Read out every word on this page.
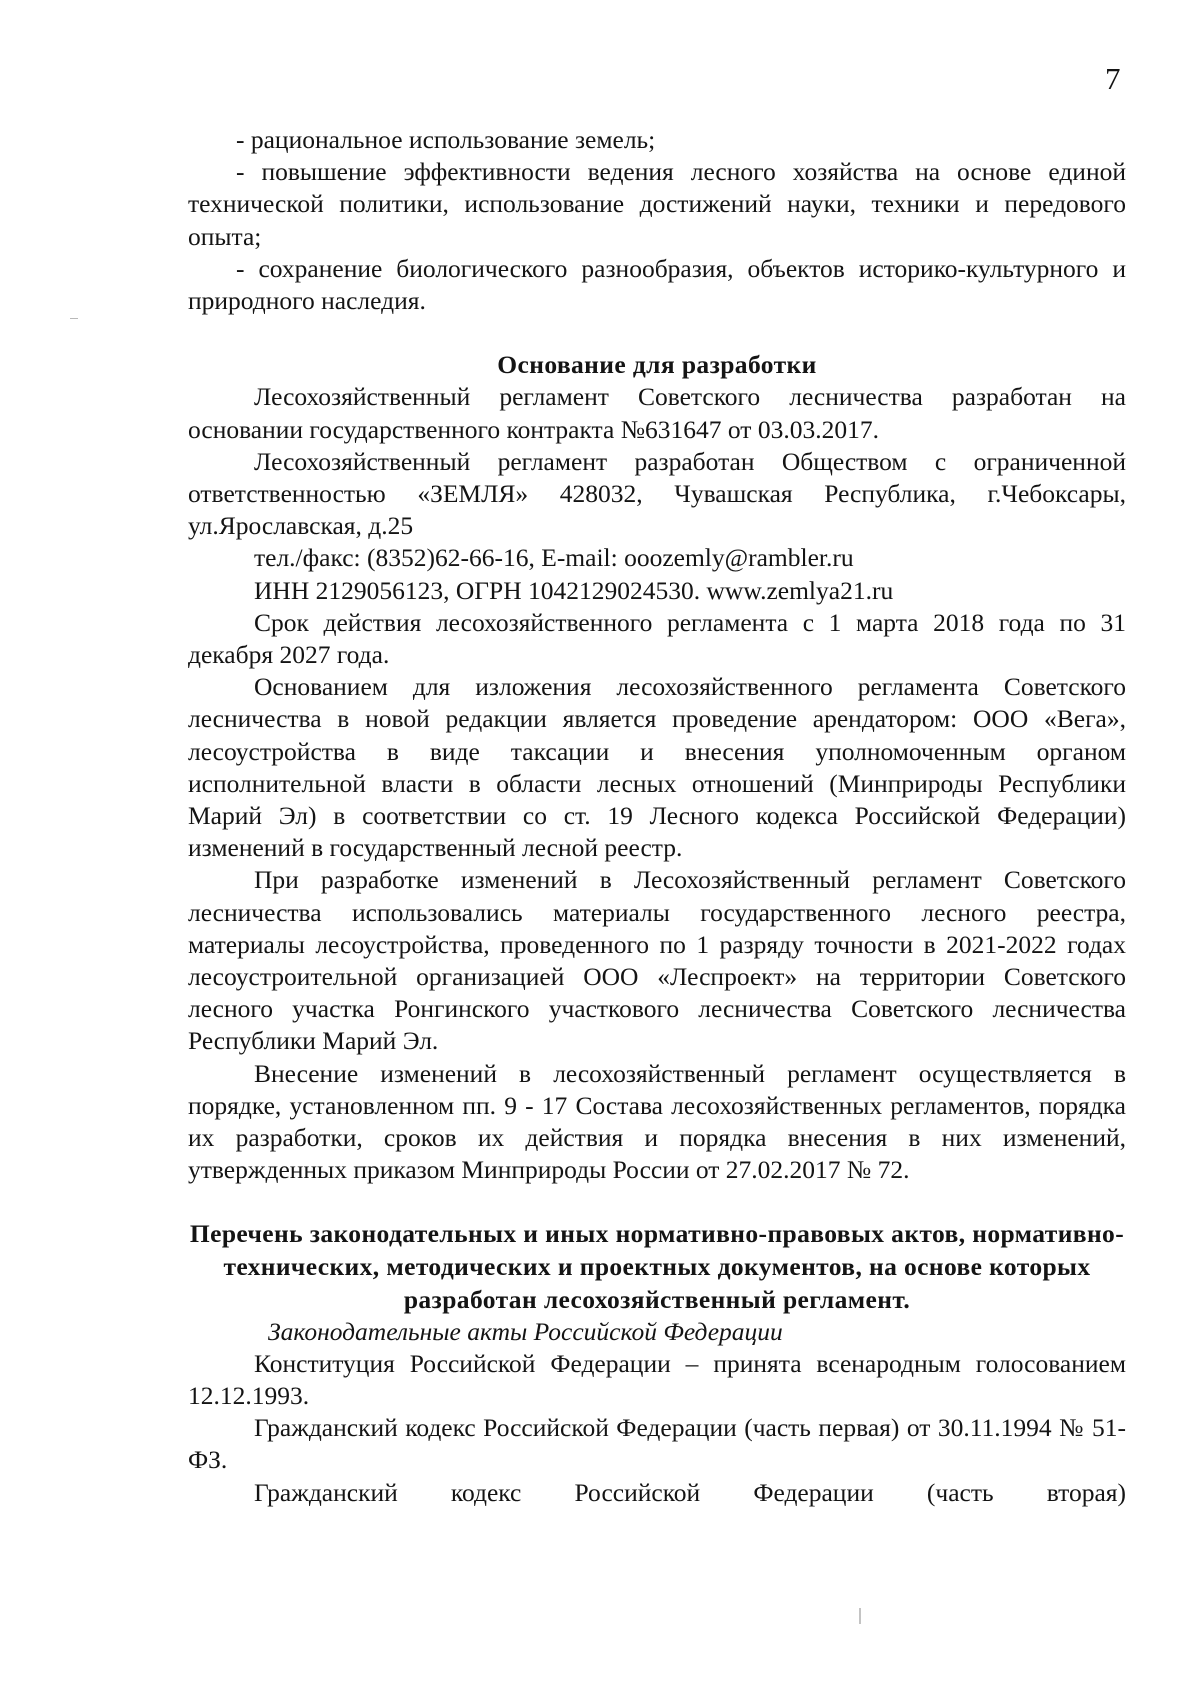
7

- рациональное использование земель;

- повышение эффективности ведения лесного хозяйства на основе единой технической политики, использование достижений науки, техники и передового опыта;

- сохранение биологического разнообразия, объектов историко-культурного и природного наследия.

Основание для разработки

Лесохозяйственный регламент Советского лесничества разработан на основании государственного контракта №631647 от 03.03.2017.

Лесохозяйственный регламент разработан Обществом с ограниченной ответственностью «ЗЕМЛЯ» 428032, Чувашская Республика, г.Чебоксары, ул.Ярославская, д.25

тел./факс: (8352)62-66-16, E-mail: ooozemly@rambler.ru

ИНН 2129056123, ОГРН 1042129024530. www.zemlya21.ru

Срок действия лесохозяйственного регламента с 1 марта 2018 года по 31 декабря 2027 года.

Основанием для изложения лесохозяйственного регламента Советского лесничества в новой редакции является проведение арендатором: ООО «Вега», лесоустройства в виде таксации и внесения уполномоченным органом исполнительной власти в области лесных отношений (Минприроды Республики Марий Эл) в соответствии со ст. 19 Лесного кодекса Российской Федерации) изменений в государственный лесной реестр.

При разработке изменений в Лесохозяйственный регламент Советского лесничества использовались материалы государственного лесного реестра, материалы лесоустройства, проведенного по 1 разряду точности в 2021-2022 годах лесоустроительной организацией ООО «Леспроект» на территории Советского лесного участка Ронгинского участкового лесничества Советского лесничества Республики Марий Эл.

Внесение изменений в лесохозяйственный регламент осуществляется в порядке, установленном пп. 9 - 17 Состава лесохозяйственных регламентов, порядка их разработки, сроков их действия и порядка внесения в них изменений, утвержденных приказом Минприроды России от 27.02.2017 № 72.

Перечень законодательных и иных нормативно-правовых актов, нормативно-технических, методических и проектных документов, на основе которых разработан лесохозяйственный регламент.

Законодательные акты Российской Федерации

Конституция Российской Федерации – принята всенародным голосованием 12.12.1993.

Гражданский кодекс Российской Федерации (часть первая) от 30.11.1994 № 51-ФЗ.

Гражданский кодекс Российской Федерации (часть вторая)
